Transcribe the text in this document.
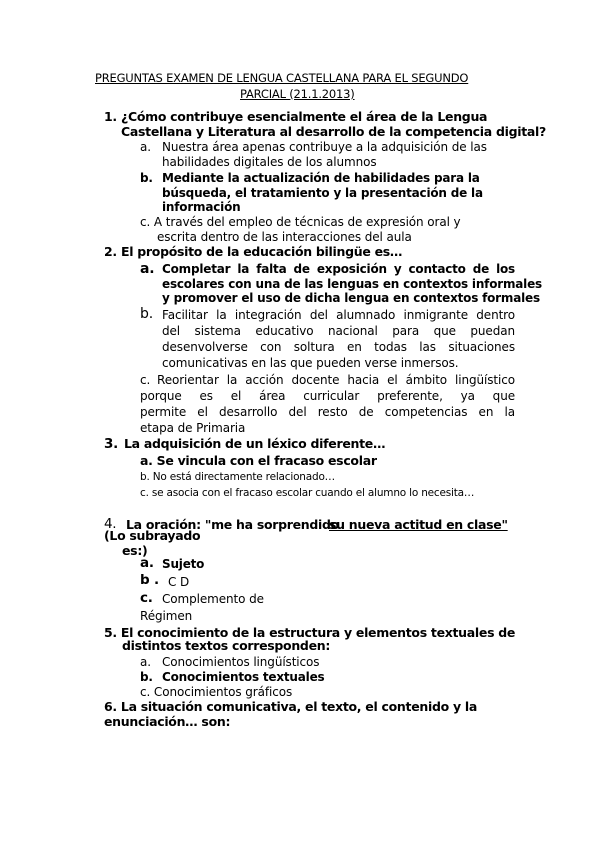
PREGUNTAS EXAMEN DE LENGUA CASTELLANA PARA EL SEGUNDO
PARCIAL (21.1.2013)
1. ¿Cómo contribuye esencialmente el área de la Lengua
Castellana y Literatura al desarrollo de la competencia digital?
a. Nuestra área apenas contribuye a la adquisición de las
habilidades digitales de los alumnos
b. Mediante la actualización de habilidades para la
búsqueda, el tratamiento y la presentación de la
información
c. A través del empleo de técnicas de expresión oral y
escrita dentro de las interacciones del aula
2. El propósito de la educación bilingüe es…
a. Completar la falta de exposición y contacto de los
escolares con una de las lenguas en contextos informales
y promover el uso de dicha lengua en contextos formales
b. Facilitar la integración del alumnado inmigrante dentro
del sistema educativo nacional para que puedan
desenvolverse con soltura en todas las situaciones
comunicativas en las que pueden verse inmersos.
c. Reorientar la acción docente hacia el ámbito lingüístico
porque es el área curricular preferente, ya que
permite el desarrollo del resto de competencias en la
etapa de Primaria
3. La adquisición de un léxico diferente…
a. Se vincula con el fracaso escolar
b. No está directamente relacionado…
c. se asocia con el fracaso escolar cuando el alumno lo necesita…
4. La oración: "me ha sorprendido
su nueva actitud en clase"
(Lo subrayado
es:)
a. Sujeto
b . C D
c. Complemento de
Régimen
5. El conocimiento de la estructura y elementos textuales de
distintos textos corresponden:
a. Conocimientos lingüísticos
b. Conocimientos textuales
c. Conocimientos gráficos
6. La situación comunicativa, el texto, el contenido y la
enunciación… son:
